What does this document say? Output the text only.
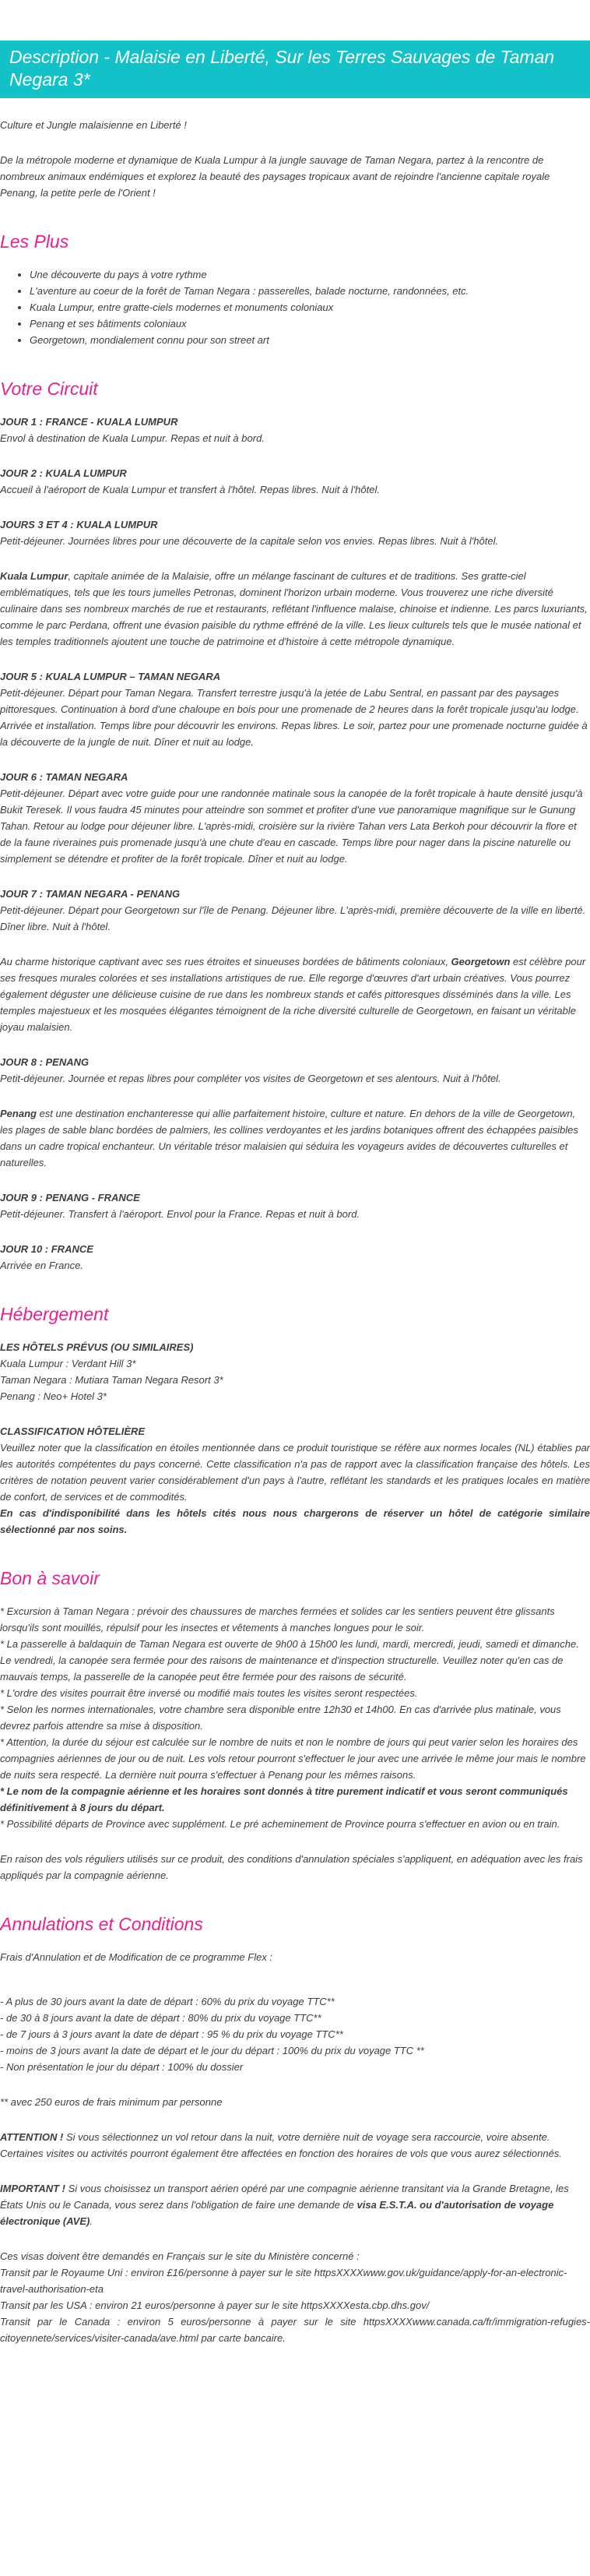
Description - Malaisie en Liberté, Sur les Terres Sauvages de Taman Negara 3*

Culture et Jungle malaisienne en Liberté !

De la métropole moderne et dynamique de Kuala Lumpur à la jungle sauvage de Taman Negara, partez à la rencontre de nombreux animaux endémiques et explorez la beauté des paysages tropicaux avant de rejoindre l'ancienne capitale royale Penang, la petite perle de l'Orient !

Les Plus
• Une découverte du pays à votre rythme
• L'aventure au coeur de la forêt de Taman Negara : passerelles, balade nocturne, randonnées, etc.
• Kuala Lumpur, entre gratte-ciels modernes et monuments coloniaux
• Penang et ses bâtiments coloniaux
• Georgetown, mondialement connu pour son street art
Votre Circuit

JOUR 1 : FRANCE - KUALA LUMPUR

Envol à destination de Kuala Lumpur. Repas et nuit à bord.

JOUR 2 : KUALA LUMPUR

Accueil à l'aéroport de Kuala Lumpur et transfert à l'hôtel. Repas libres. Nuit à l'hôtel.

JOURS 3 ET 4 : KUALA LUMPUR

Petit-déjeuner. Journées libres pour une découverte de la capitale selon vos envies. Repas libres. Nuit à l'hôtel.

Kuala Lumpur, capitale animée de la Malaisie, offre un mélange fascinant de cultures et de traditions. Ses gratte-ciel emblématiques, tels que les tours jumelles Petronas, dominent l'horizon urbain moderne. Vous trouverez une riche diversité culinaire dans ses nombreux marchés de rue et restaurants, reflétant l'influence malaise, chinoise et indienne. Les parcs luxuriants, comme le parc Perdana, offrent une évasion paisible du rythme effréné de la ville. Les lieux culturels tels que le musée national et les temples traditionnels ajoutent une touche de patrimoine et d'histoire à cette métropole dynamique.

JOUR 5 : KUALA LUMPUR – TAMAN NEGARA

Petit-déjeuner. Départ pour Taman Negara. Transfert terrestre jusqu'à la jetée de Labu Sentral, en passant par des paysages pittoresques. Continuation à bord d'une chaloupe en bois pour une promenade de 2 heures dans la forêt tropicale jusqu'au lodge. Arrivée et installation. Temps libre pour découvrir les environs. Repas libres. Le soir, partez pour une promenade nocturne guidée à la découverte de la jungle de nuit. Dîner et nuit au lodge.

JOUR 6 : TAMAN NEGARA

Petit-déjeuner. Départ avec votre guide pour une randonnée matinale sous la canopée de la forêt tropicale à haute densité jusqu'à Bukit Teresek. Il vous faudra 45 minutes pour atteindre son sommet et profiter d'une vue panoramique magnifique sur le Gunung Tahan. Retour au lodge pour déjeuner libre. L'après-midi, croisière sur la rivière Tahan vers Lata Berkoh pour découvrir la flore et de la faune riveraines puis promenade jusqu'à une chute d'eau en cascade. Temps libre pour nager dans la piscine naturelle ou simplement se détendre et profiter de la forêt tropicale. Dîner et nuit au lodge.

JOUR 7 : TAMAN NEGARA - PENANG

Petit-déjeuner. Départ pour Georgetown sur l'île de Penang. Déjeuner libre. L'après-midi, première découverte de la ville en liberté. Dîner libre. Nuit à l'hôtel.

Au charme historique captivant avec ses rues étroites et sinueuses bordées de bâtiments coloniaux, Georgetown est célèbre pour ses fresques murales colorées et ses installations artistiques de rue. Elle regorge d'œuvres d'art urbain créatives. Vous pourrez également déguster une délicieuse cuisine de rue dans les nombreux stands et cafés pittoresques disséminés dans la ville. Les temples majestueux et les mosquées élégantes témoignent de la riche diversité culturelle de Georgetown, en faisant un véritable joyau malaisien.

JOUR 8 : PENANG

Petit-déjeuner. Journée et repas libres pour compléter vos visites de Georgetown et ses alentours. Nuit à l'hôtel.

Penang est une destination enchanteresse qui allie parfaitement histoire, culture et nature. En dehors de la ville de Georgetown, les plages de sable blanc bordées de palmiers, les collines verdoyantes et les jardins botaniques offrent des échappées paisibles dans un cadre tropical enchanteur. Un véritable trésor malaisien qui séduira les voyageurs avides de découvertes culturelles et naturelles.

JOUR 9 : PENANG - FRANCE

Petit-déjeuner. Transfert à l'aéroport. Envol pour la France. Repas et nuit à bord.

JOUR 10 : FRANCE

Arrivée en France.

Hébergement

LES HÔTELS PRÉVUS (OU SIMILAIRES)

Kuala Lumpur : Verdant Hill 3*

Taman Negara : Mutiara Taman Negara Resort 3*

Penang : Neo+ Hotel 3*

CLASSIFICATION HÔTELIÈRE

Veuillez noter que la classification en étoiles mentionnée dans ce produit touristique se réfère aux normes locales (NL) établies par les autorités compétentes du pays concerné. Cette classification n'a pas de rapport avec la classification française des hôtels. Les critères de notation peuvent varier considérablement d'un pays à l'autre, reflétant les standards et les pratiques locales en matière de confort, de services et de commodités.

En cas d'indisponibilité dans les hôtels cités nous nous chargerons de réserver un hôtel de catégorie similaire sélectionné par nos soins.

Bon à savoir

* Excursion à Taman Negara : prévoir des chaussures de marches fermées et solides car les sentiers peuvent être glissants lorsqu'ils sont mouillés, répulsif pour les insectes et vêtements à manches longues pour le soir.

* La passerelle à baldaquin de Taman Negara est ouverte de 9h00 à 15h00 les lundi, mardi, mercredi, jeudi, samedi et dimanche. Le vendredi, la canopée sera fermée pour des raisons de maintenance et d'inspection structurelle. Veuillez noter qu'en cas de mauvais temps, la passerelle de la canopée peut être fermée pour des raisons de sécurité.

* L'ordre des visites pourrait être inversé ou modifié mais toutes les visites seront respectées.

* Selon les normes internationales, votre chambre sera disponible entre 12h30 et 14h00. En cas d'arrivée plus matinale, vous devrez parfois attendre sa mise à disposition.

* Attention, la durée du séjour est calculée sur le nombre de nuits et non le nombre de jours qui peut varier selon les horaires des compagnies aériennes de jour ou de nuit. Les vols retour pourront s'effectuer le jour avec une arrivée le même jour mais le nombre de nuits sera respecté. La dernière nuit pourra s'effectuer à Penang pour les mêmes raisons.

* Le nom de la compagnie aérienne et les horaires sont donnés à titre purement indicatif et vous seront communiqués définitivement à 8 jours du départ.

* Possibilité départs de Province avec supplément. Le pré acheminement de Province pourra s'effectuer en avion ou en train.

En raison des vols réguliers utilisés sur ce produit, des conditions d'annulation spéciales s'appliquent, en adéquation avec les frais appliqués par la compagnie aérienne.

Annulations et Conditions

Frais d'Annulation et de Modification de ce programme Flex :

- A plus de 30 jours avant la date de départ : 60% du prix du voyage TTC**

- de 30 à 8 jours avant la date de départ : 80% du prix du voyage TTC**

- de 7 jours à 3 jours avant la date de départ : 95 % du prix du voyage TTC**

- moins de 3 jours avant la date de départ et le jour du départ : 100% du prix du voyage TTC **

- Non présentation le jour du départ : 100% du dossier

** avec 250 euros de frais minimum par personne

ATTENTION ! Si vous sélectionnez un vol retour dans la nuit, votre dernière nuit de voyage sera raccourcie, voire absente. Certaines visites ou activités pourront également être affectées en fonction des horaires de vols que vous aurez sélectionnés.

IMPORTANT ! Si vous choisissez un transport aérien opéré par une compagnie aérienne transitant via la Grande Bretagne, les États Unis ou le Canada, vous serez dans l'obligation de faire une demande de visa E.S.T.A. ou d'autorisation de voyage électronique (AVE).

Ces visas doivent être demandés en Français sur le site du Ministère concerné :

Transit par le Royaume Uni : environ £16/personne à payer sur le site httpsXXXXwww.gov.uk/guidance/apply-for-an-electronic-travel-authorisation-eta

Transit par les USA : environ 21 euros/personne à payer sur le site httpsXXXXesta.cbp.dhs.gov/

Transit par le Canada : environ 5 euros/personne à payer sur le site httpsXXXXwww.canada.ca/fr/immigration-refugies-citoyennete/services/visiter-canada/ave.html par carte bancaire.
